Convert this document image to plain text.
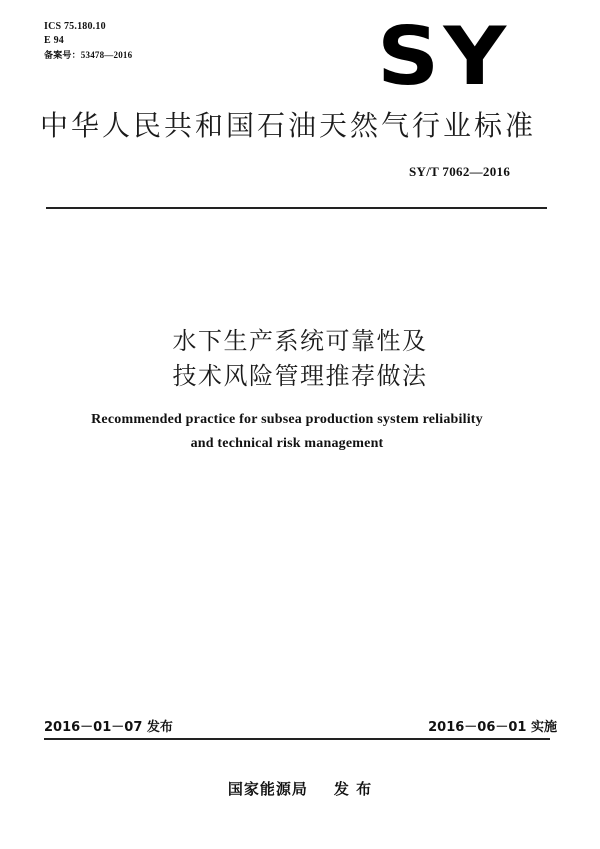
ICS 75.180.10
E 94
备案号：53478—2016	SY
中华人民共和国石油天然气行业标准
SY/T 7062—2016
水下生产系统可靠性及
技术风险管理推荐做法
Recommended practice for subsea production system reliability
and technical risk management
2016－01－07 发布	2016－06－01 实施
国家能源局 发 布
